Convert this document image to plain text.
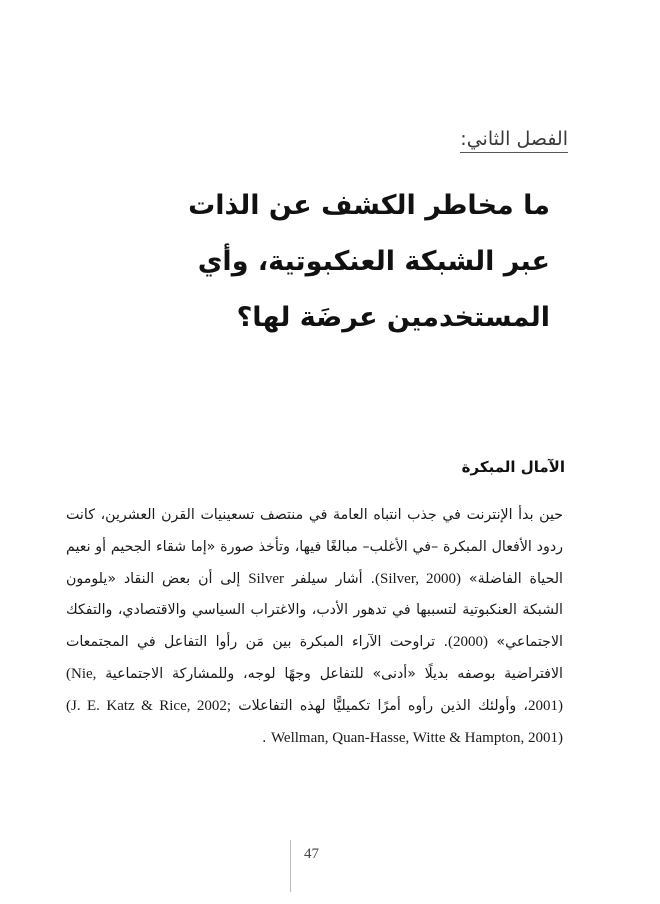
الفصل الثاني:
ما مخاطر الكشف عن الذات
عبر الشبكة العنكبوتية، وأي
المستخدمين عرضَة لها؟
الآمال المبكرة

حين بدأ الإنترنت في جذب انتباه العامة في منتصف تسعينيات القرن العشرين، كانت ردود الأفعال المبكرة –في الأغلب– مبالغًا فيها، وتأخذ صورة «إما شقاء الجحيم أو نعيم الحياة الفاضلة» (Silver, 2000). أشار سيلفر Silver إلى أن بعض النقاد «يلومون الشبكة العنكبوتية لتسببها في تدهور الأدب، والاغتراب السياسي والاقتصادي، والتفكك الاجتماعي» (2000). تراوحت الآراء المبكرة بين مَن رأوا التفاعل في المجتمعات الافتراضية بوصفه بديلًا «أدنى» للتفاعل وجهًا لوجه، وللمشاركة الاجتماعية (Nie, 2001)، وأولئك الذين رأوه أمرًا تكميليًّا لهذه التفاعلات (J. E. Katz & Rice, 2002; Wellman, Quan-Hasse, Witte & Hampton, 2001) .

47
